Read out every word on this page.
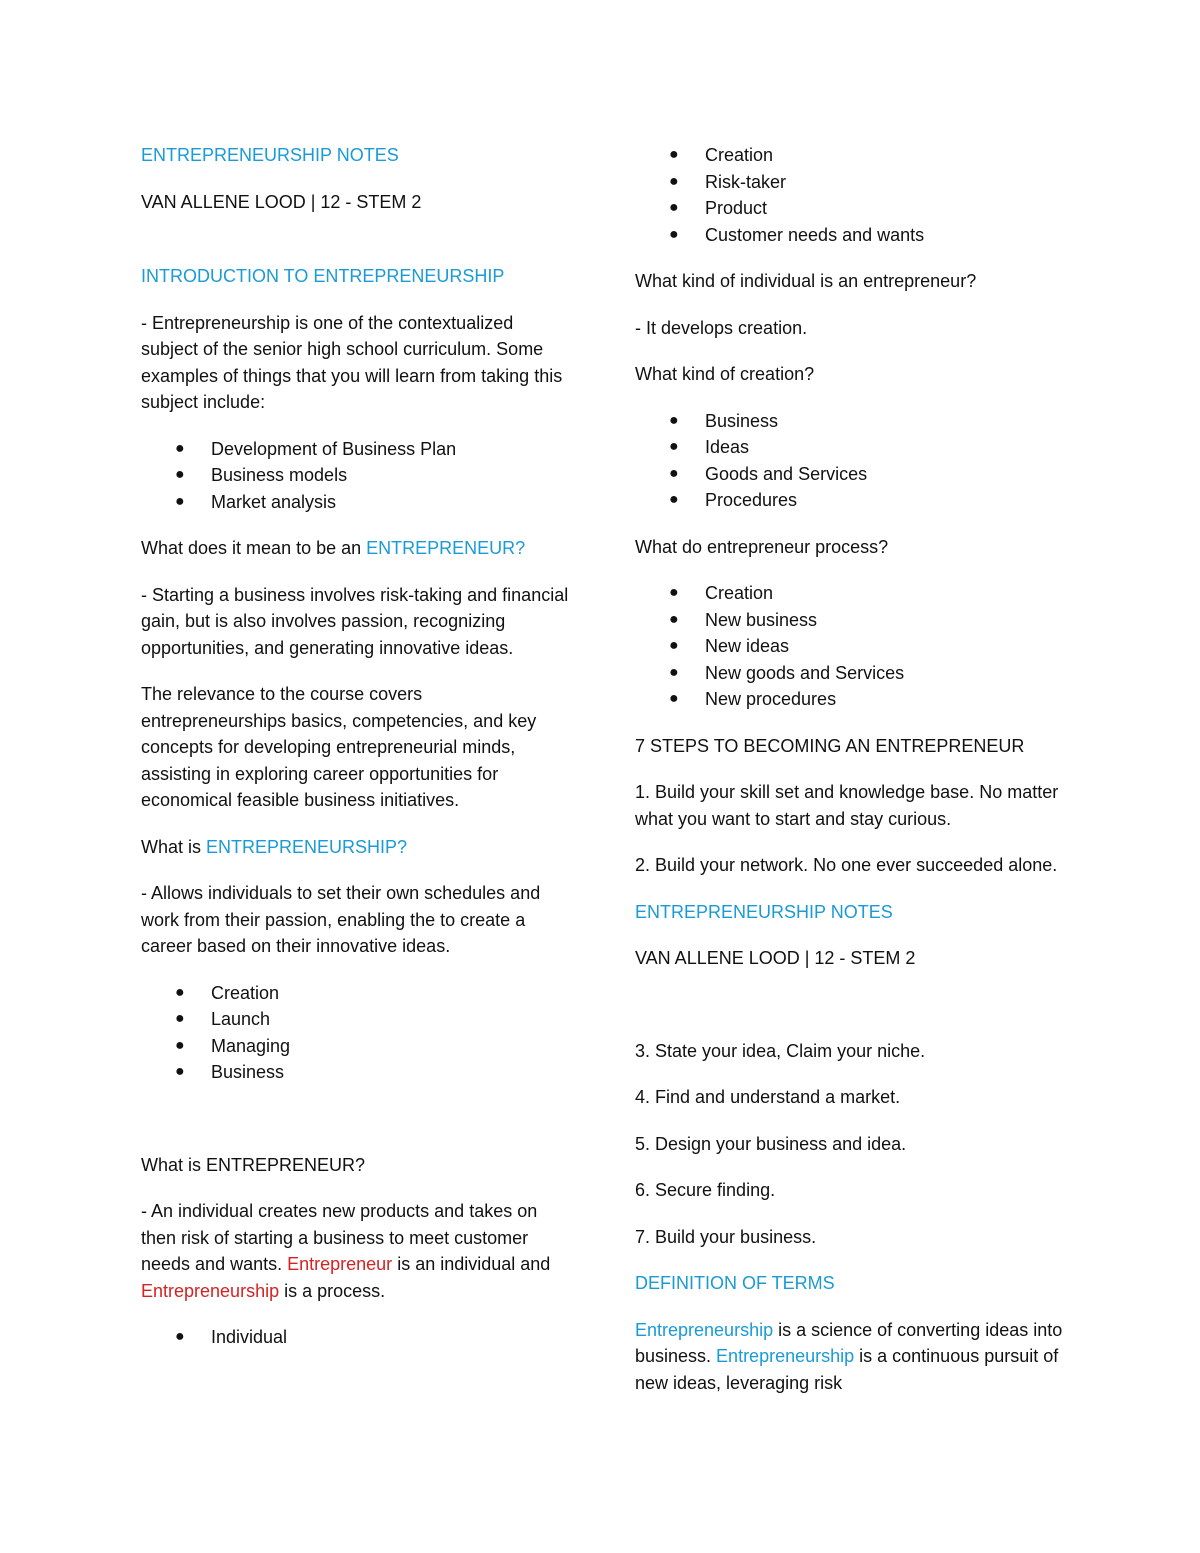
ENTREPRENEURSHIP NOTES

VAN ALLENE LOOD | 12 - STEM 2

INTRODUCTION TO ENTREPRENEURSHIP

- Entrepreneurship is one of the contextualized subject of the senior high school curriculum. Some examples of things that you will learn from taking this subject include:

● Development of Business Plan
● Business models
● Market analysis

What does it mean to be an ENTREPRENEUR?

- Starting a business involves risk-taking and financial gain, but is also involves passion, recognizing opportunities, and generating innovative ideas.

The relevance to the course covers entrepreneurships basics, competencies, and key concepts for developing entrepreneurial minds, assisting in exploring career opportunities for economical feasible business initiatives.

What is ENTREPRENEURSHIP?

- Allows individuals to set their own schedules and work from their passion, enabling the to create a career based on their innovative ideas.

● Creation
● Launch
● Managing
● Business

What is ENTREPRENEUR?

- An individual creates new products and takes on then risk of starting a business to meet customer needs and wants. Entrepreneur is an individual and Entrepreneurship is a process.

● Individual
● Creation
● Risk-taker
● Product
● Customer needs and wants

What kind of individual is an entrepreneur?

- It develops creation.

What kind of creation?

● Business
● Ideas
● Goods and Services
● Procedures

What do entrepreneur process?

● Creation
● New business
● New ideas
● New goods and Services
● New procedures

7 STEPS TO BECOMING AN ENTREPRENEUR

1. Build your skill set and knowledge base. No matter what you want to start and stay curious.

2. Build your network. No one ever succeeded alone.

ENTREPRENEURSHIP NOTES

VAN ALLENE LOOD | 12 - STEM 2

3. State your idea, Claim your niche.

4. Find and understand a market.

5. Design your business and idea.

6. Secure finding.

7. Build your business.

DEFINITION OF TERMS

Entrepreneurship is a science of converting ideas into business. Entrepreneurship is a continuous pursuit of new ideas, leveraging risk
